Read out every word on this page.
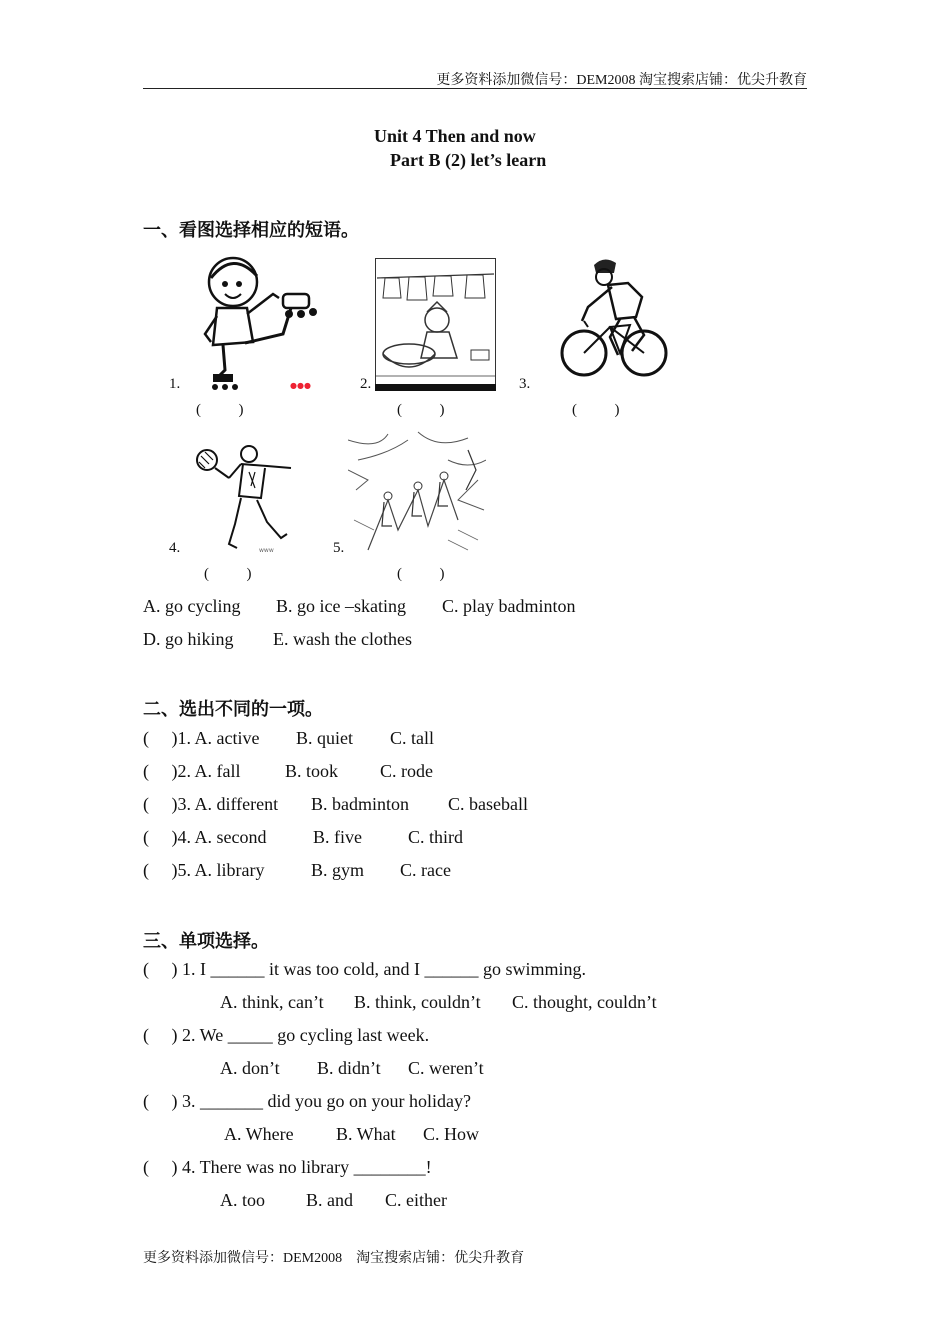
更多资料添加微信号：DEM2008 淘宝搜索店铺：优尖升教育
Unit 4 Then and now
Part B (2) let’s learn
一、看图选择相应的短语。
●●●
1.
(          )
2.
(          )
3.
(          )
www
4.
(          )
5.
(          )
A. go cycling B. go ice –skating C. play badminton
D. go hiking E. wash the clothes
二、选出不同的一项。
(     )1. A. active B. quiet C. tall
(     )2. A. fall B. took C. rode
(     )3. A. different B. badminton C. baseball
(     )4. A. second	B. five	C. third
(     )5. A. library	B. gym C. race
三、单项选择。
(     ) 1. I ______ it was too cold, and I ______ go swimming.
A. think, can’t B. think, couldn’t C. thought, couldn’t
(     ) 2. We _____ go cycling last week.
A. don’t B. didn’t C. weren’t
(     ) 3. _______ did you go on your holiday?
A. Where B. What C. How
(     ) 4. There was no library ________!
A. too B. and C. either
更多资料添加微信号：DEM2008    淘宝搜索店铺：优尖升教育
